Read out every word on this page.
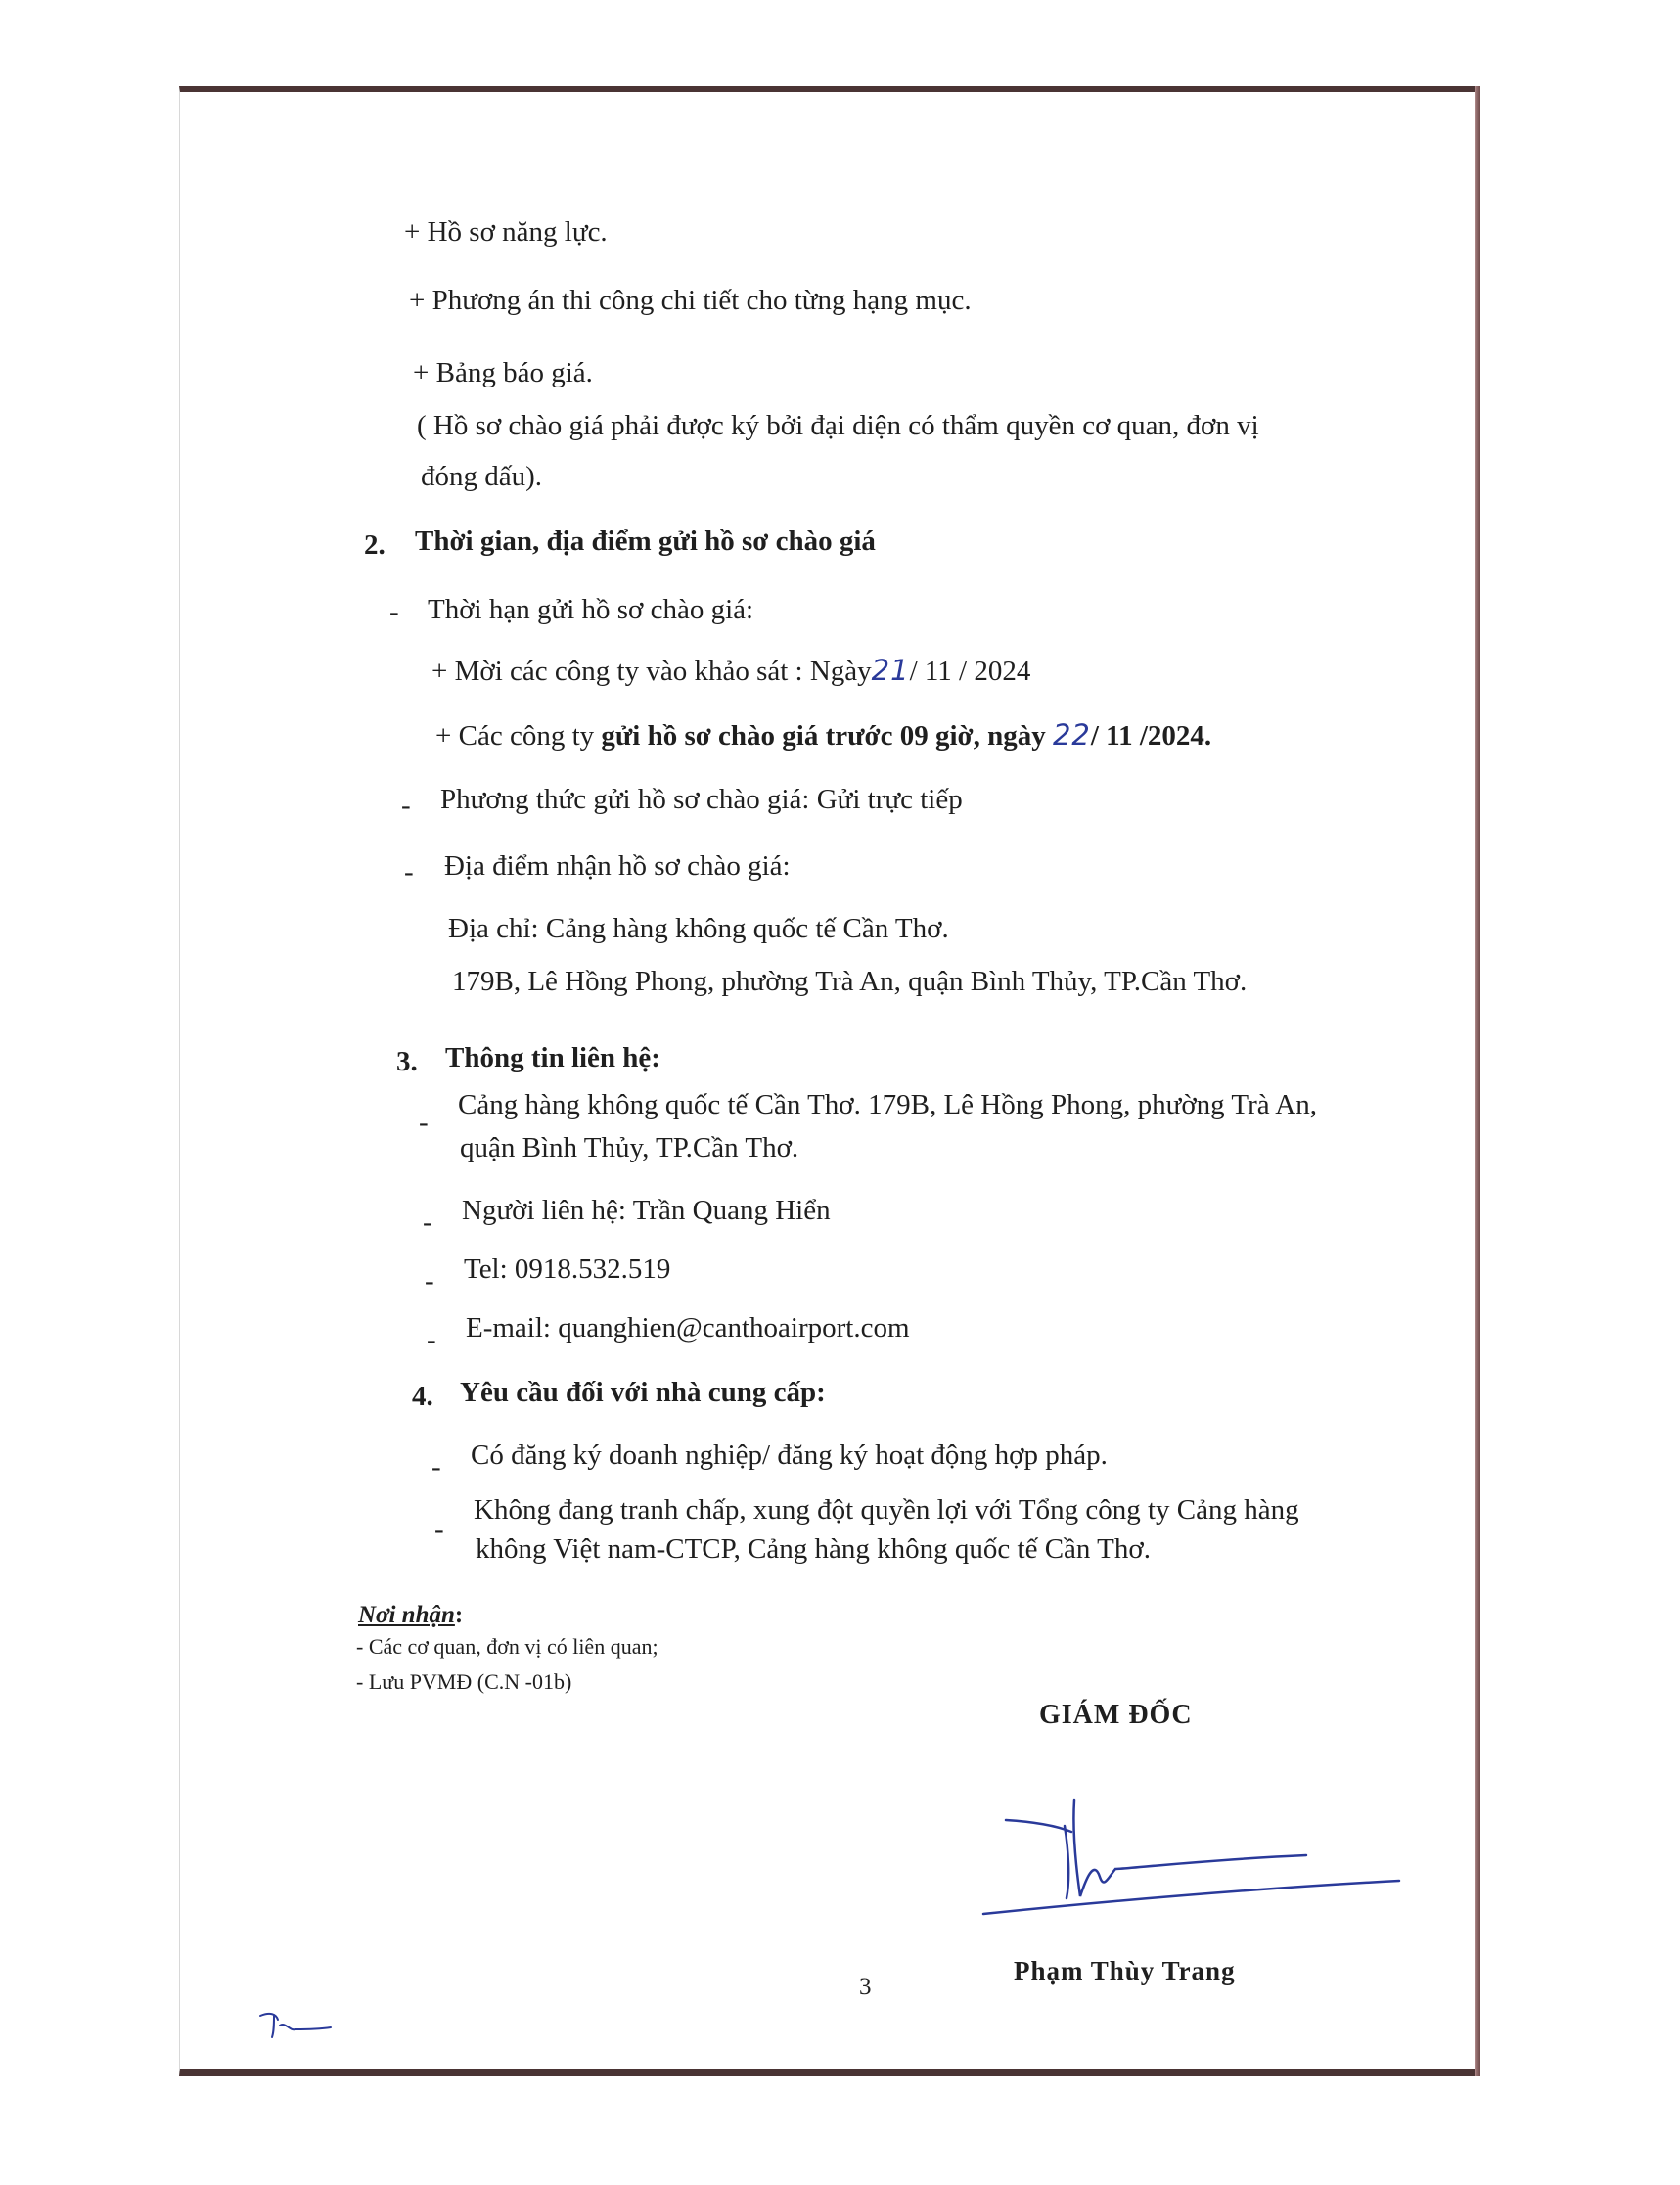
+ Hồ sơ năng lực.
+ Phương án thi công chi tiết cho từng hạng mục.
+ Bảng báo giá.
( Hồ sơ chào giá phải được ký bởi đại diện có thẩm quyền cơ quan, đơn vị
đóng dấu).
2. Thời gian, địa điểm gửi hồ sơ chào giá
- Thời hạn gửi hồ sơ chào giá:
+ Mời các công ty vào khảo sát : Ngày21/ 11 / 2024
+ Các công ty gửi hồ sơ chào giá trước 09 giờ, ngày 22/ 11 /2024.
- Phương thức gửi hồ sơ chào giá: Gửi trực tiếp
- Địa điểm nhận hồ sơ chào giá:
Địa chỉ: Cảng hàng không quốc tế Cần Thơ.
179B, Lê Hồng Phong, phường Trà An, quận Bình Thủy, TP.Cần Thơ.
3. Thông tin liên hệ:
-
Cảng hàng không quốc tế Cần Thơ. 179B, Lê Hồng Phong, phường Trà An,
quận Bình Thủy, TP.Cần Thơ.
- Người liên hệ: Trần Quang Hiển
- Tel: 0918.532.519
- E-mail: quanghien@canthoairport.com
4. Yêu cầu đối với nhà cung cấp:
- Có đăng ký doanh nghiệp/ đăng ký hoạt động hợp pháp.
-
Không đang tranh chấp, xung đột quyền lợi với Tổng công ty Cảng hàng
không Việt nam-CTCP, Cảng hàng không quốc tế Cần Thơ.
Nơi nhận:
- Các cơ quan, đơn vị có liên quan;
- Lưu PVMĐ (C.N -01b)
GIÁM ĐỐC
Phạm Thùy Trang
3
